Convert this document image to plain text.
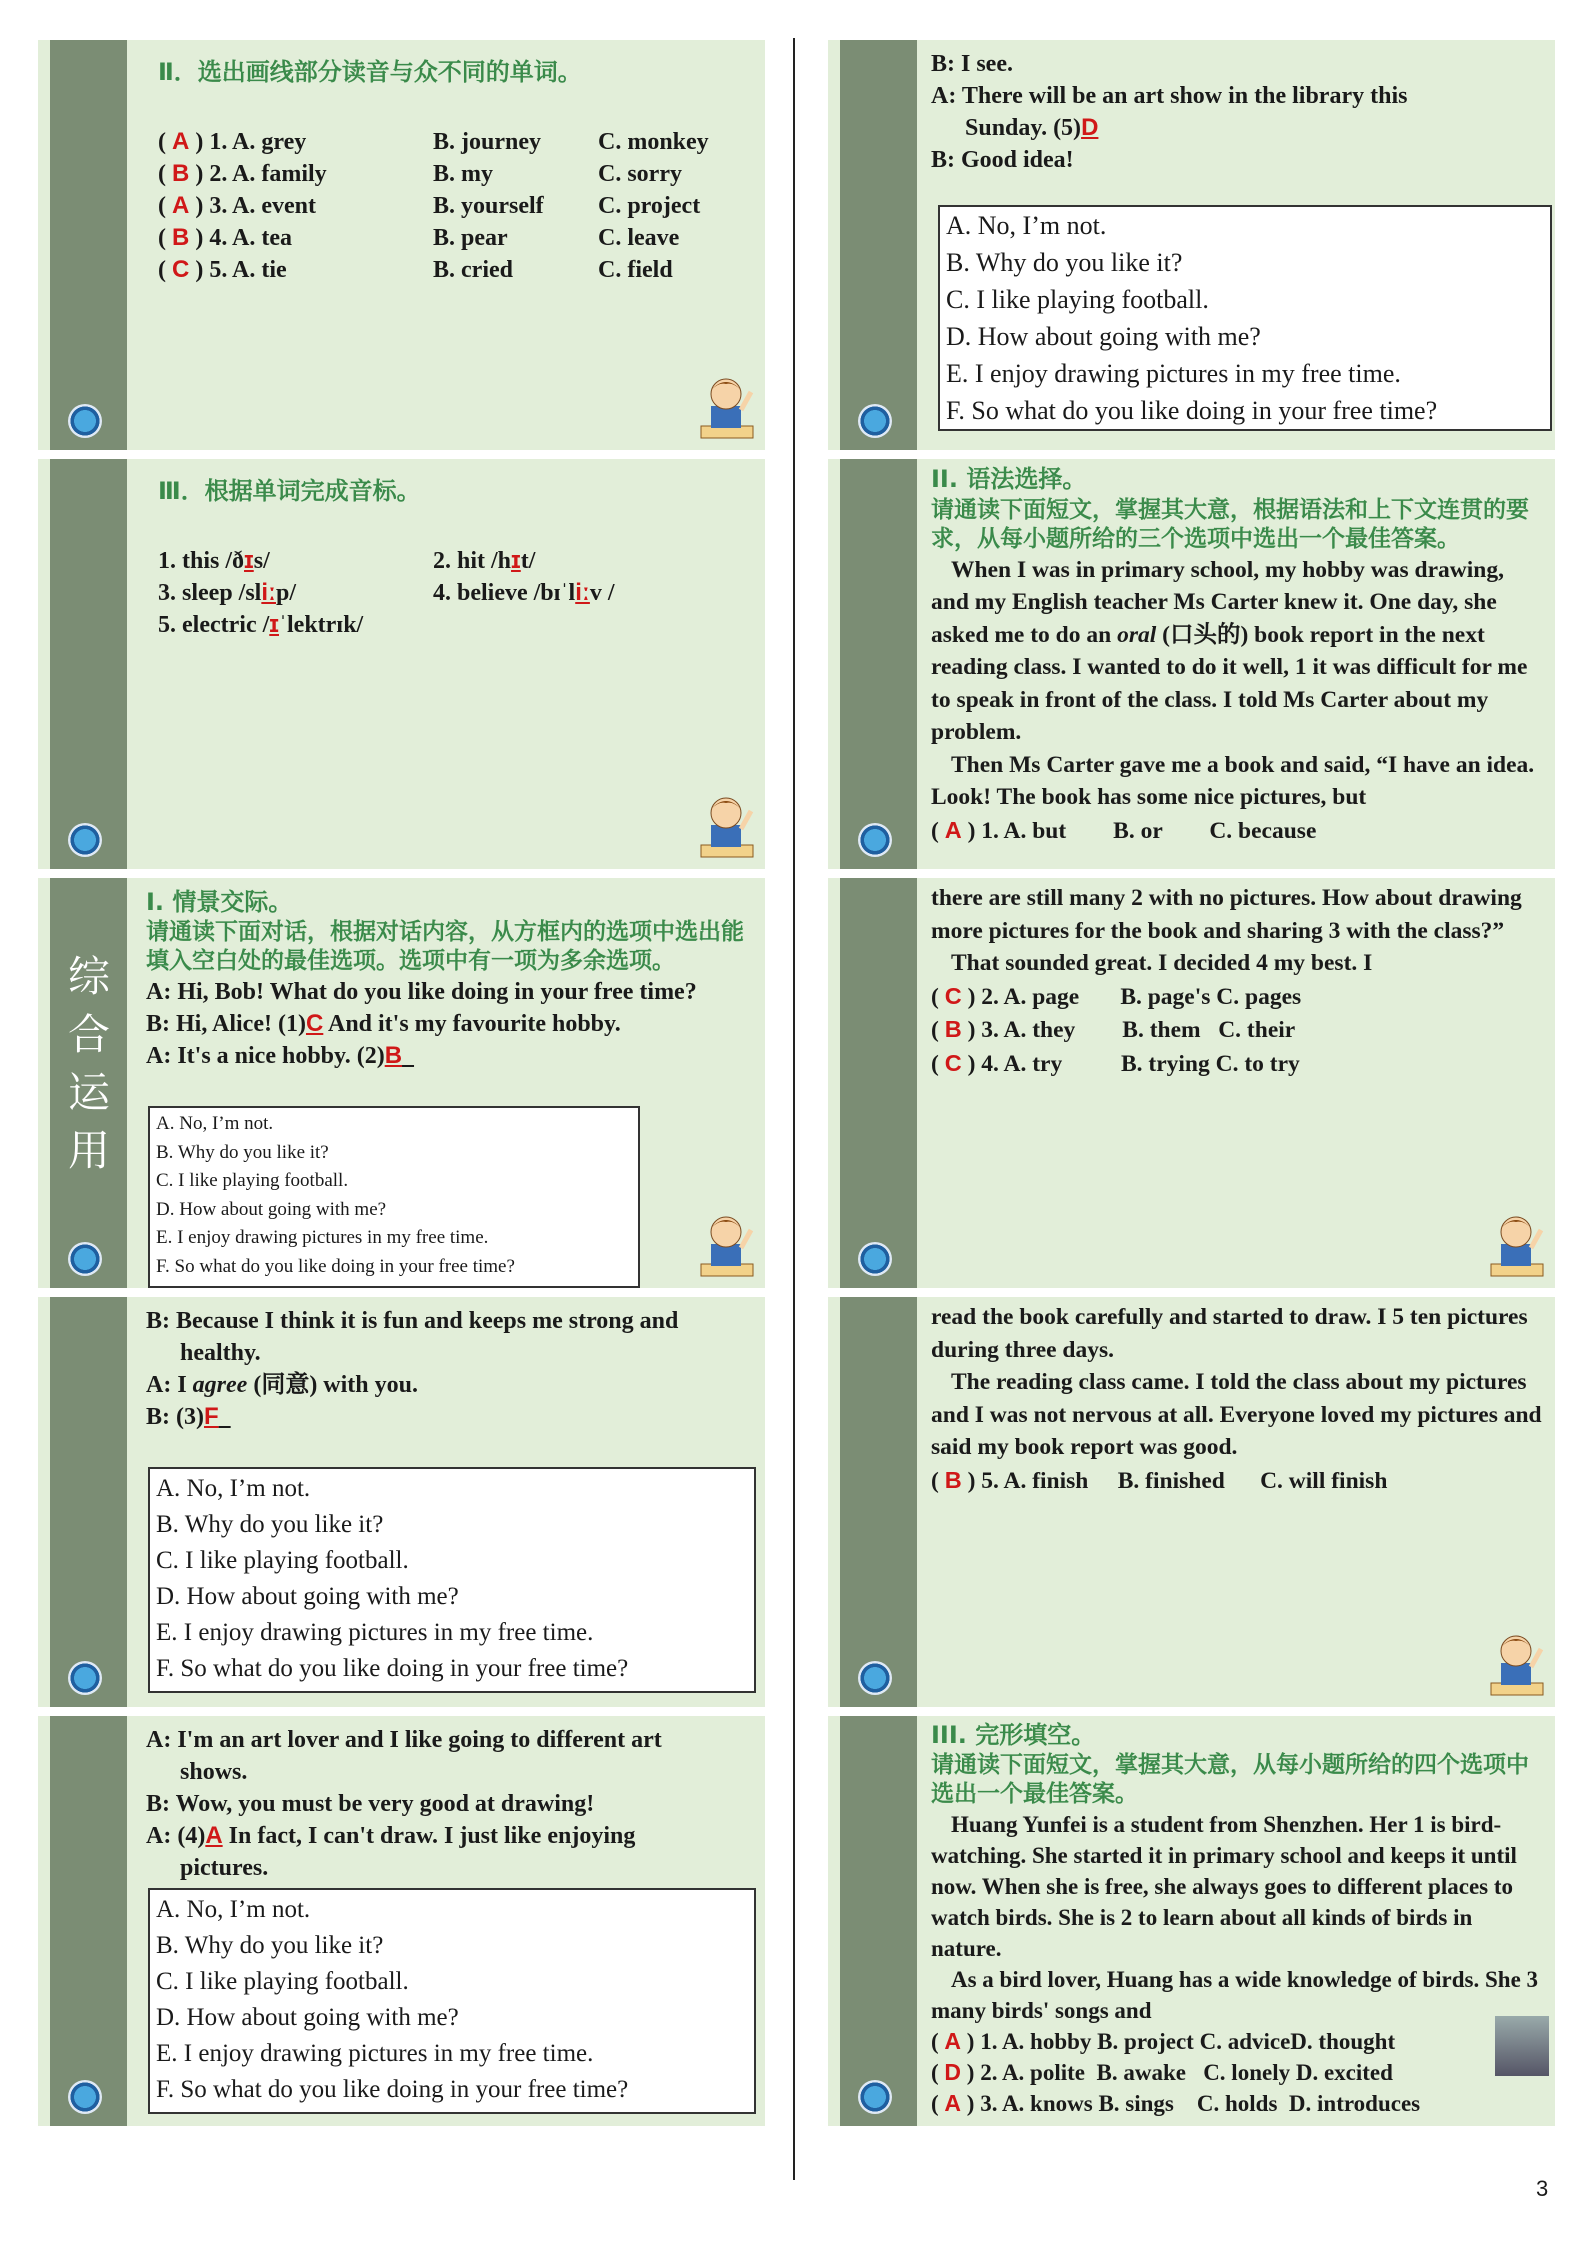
Ⅱ．选出画线部分读音与众不同的单词。
( A ) 1. A. grey	B. journey	C. monkey
( B ) 2. A. family	B. my	C. sorry
( A ) 3. A. event	B. yourself	C. project
( B ) 4. A. tea	B. pear	C. leave
( C ) 5. A. tie	B. cried	C. field
Ⅲ．根据单词完成音标。
1. this /ðɪs/	2. hit /hɪt/
3. sleep /sliːp/	4. believe /bɪˈliːv /
5. electric /ɪˈlektrɪk/
综合运用
I. 情景交际。
请通读下面对话，根据对话内容，从方框内的选项中选出能填入空白处的最佳选项。选项中有一项为多余选项。
A: Hi, Bob! What do you like doing in your free time?
B: Hi, Alice! (1)C And it's my favourite hobby.
A: It's a nice hobby. (2)B
A. No, I’m not.
B. Why do you like it?
C. I like playing football.
D. How about going with me?
E. I enjoy drawing pictures in my free time.
F. So what do you like doing in your free time?
B: Because I think it is fun and keeps me strong and
healthy.
A: I agree (同意) with you.
B: (3)F
A. No, I’m not.
B. Why do you like it?
C. I like playing football.
D. How about going with me?
E. I enjoy drawing pictures in my free time.
F. So what do you like doing in your free time?
A: I'm an art lover and I like going to different art
shows.
B: Wow, you must be very good at drawing!
A: (4)A In fact, I can't draw. I just like enjoying
pictures.
A. No, I’m not.
B. Why do you like it?
C. I like playing football.
D. How about going with me?
E. I enjoy drawing pictures in my free time.
F. So what do you like doing in your free time?
B: I see.
A: There will be an art show in the library this
Sunday. (5)D
B: Good idea!
A. No, I’m not.
B. Why do you like it?
C. I like playing football.
D. How about going with me?
E. I enjoy drawing pictures in my free time.
F. So what do you like doing in your free time?
II. 语法选择。
请通读下面短文，掌握其大意，根据语法和上下文连贯的要求，从每小题所给的三个选项中选出一个最佳答案。
When I was in primary school, my hobby was drawing, and my English teacher Ms Carter knew it. One day, she asked me to do an oral (口头的) book report in the next reading class. I wanted to do it well, 1 it was difficult for me to speak in front of the class. I told Ms Carter about my problem.
Then Ms Carter gave me a book and said, “I have an idea. Look! The book has some nice pictures, but
( A ) 1. A. but        B. or        C. because
there are still many 2 with no pictures. How about drawing more pictures for the book and sharing 3 with the class?”
That sounded great. I decided 4 my best. I
( C ) 2. A. page       B. page's C. pages
( B ) 3. A. they        B. them   C. their
( C ) 4. A. try          B. trying C. to try
read the book carefully and started to draw. I 5 ten pictures during three days.
The reading class came. I told the class about my pictures and I was not nervous at all. Everyone loved my pictures and said my book report was good.
( B ) 5. A. finish     B. finished      C. will finish
III. 完形填空。
请通读下面短文，掌握其大意，从每小题所给的四个选项中选出一个最佳答案。
Huang Yunfei is a student from Shenzhen. Her 1 is bird-watching. She started it in primary school and keeps it until now. When she is free, she always goes to different places to watch birds. She is 2 to learn about all kinds of birds in nature.
As a bird lover, Huang has a wide knowledge of birds. She 3 many birds' songs and
( A ) 1. A. hobby B. project C. adviceD. thought
( D ) 2. A. polite  B. awake   C. lonely D. excited
( A ) 3. A. knows B. sings    C. holds  D. introduces
3
